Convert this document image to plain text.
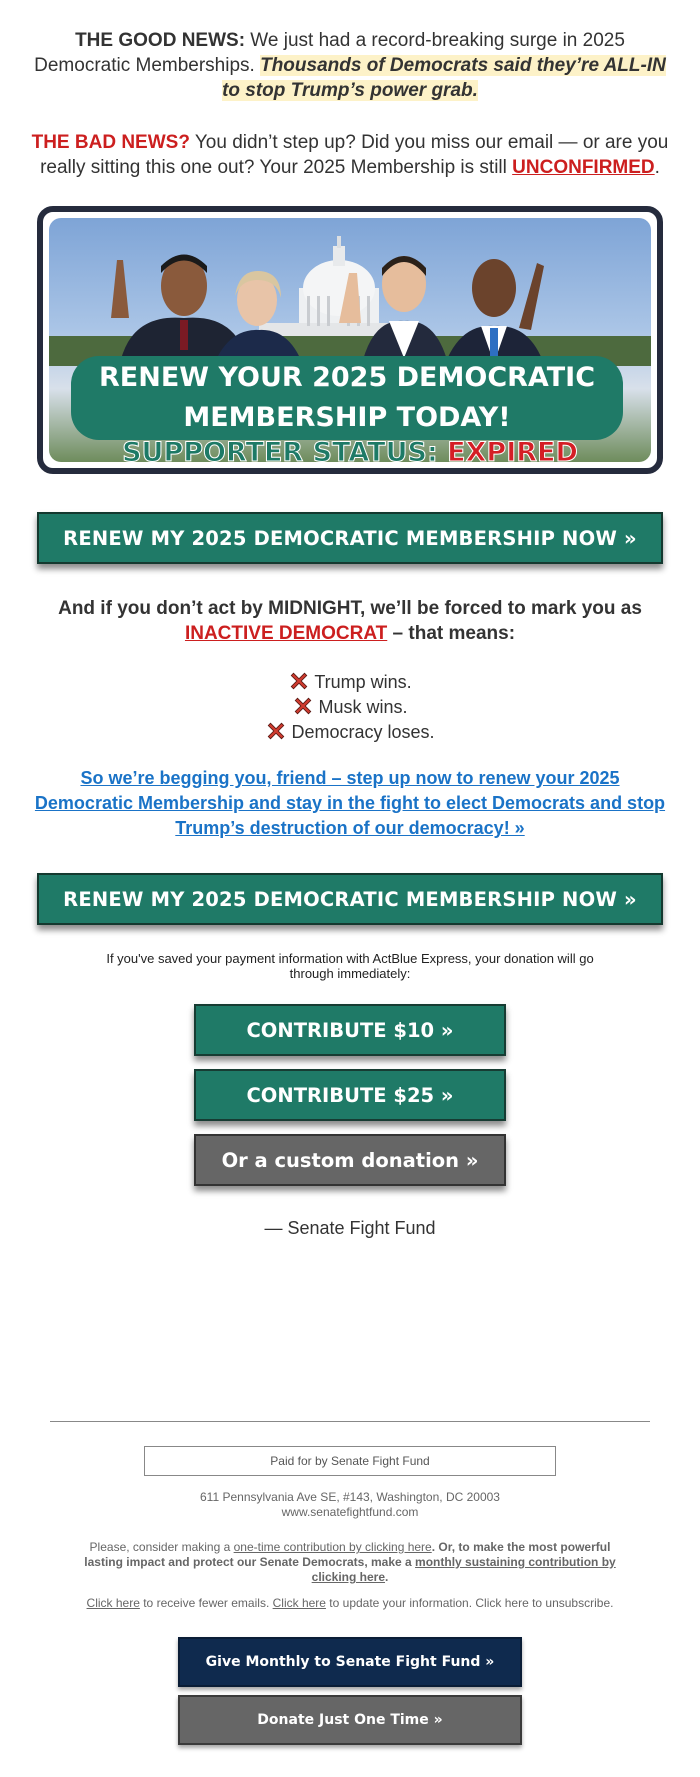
THE GOOD NEWS: We just had a record-breaking surge in 2025 Democratic Memberships. Thousands of Democrats said they’re ALL-IN to stop Trump’s power grab.
THE BAD NEWS? You didn’t step up? Did you miss our email — or are you really sitting this one out? Your 2025 Membership is still UNCONFIRMED.
RENEW YOUR 2025 DEMOCRATIC
MEMBERSHIP TODAY!
SUPPORTER STATUS: EXPIRED
RENEW MY 2025 DEMOCRATIC MEMBERSHIP NOW »
And if you don’t act by MIDNIGHT, we’ll be forced to mark you as INACTIVE DEMOCRAT – that means:
Trump wins.
Musk wins.
Democracy loses.
So we’re begging you, friend – step up now to renew your 2025 Democratic Membership and stay in the fight to elect Democrats and stop Trump’s destruction of our democracy! »
RENEW MY 2025 DEMOCRATIC MEMBERSHIP NOW »
If you've saved your payment information with ActBlue Express, your donation will go through immediately:
CONTRIBUTE $10 »
CONTRIBUTE $25 »
Or a custom donation »
— Senate Fight Fund
Paid for by Senate Fight Fund
611 Pennsylvania Ave SE, #143, Washington, DC 20003
www.senatefightfund.com
Please, consider making a one-time contribution by clicking here. Or, to make the most powerful lasting impact and protect our Senate Democrats, make a monthly sustaining contribution by clicking here.
Click here to receive fewer emails. Click here to update your information. Click here to unsubscribe.
Give Monthly to Senate Fight Fund »
Donate Just One Time »
